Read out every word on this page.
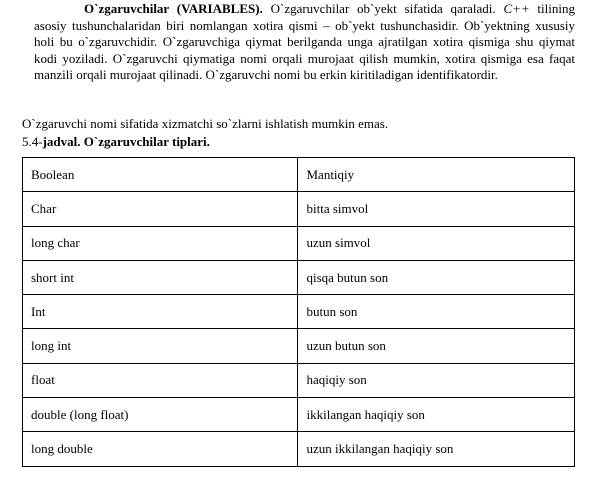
O`zgaruvchilar (VARIABLES). O`zgaruvchilar ob`yekt sifatida qaraladi. C++ tilining asosiy tushunchalaridan biri nomlangan xotira qismi – ob`yekt tushunchasidir. Ob`yektning xususiy holi bu o`zgaruvchidir. O`zgaruvchiga qiymat berilganda unga ajratilgan xotira qismiga shu qiymat kodi yoziladi. O`zgaruvchi qiymatiga nomi orqali murojaat qilish mumkin, xotira qismiga esa faqat manzili orqali murojaat qilinadi. O`zgaruvchi nomi bu erkin kiritiladigan identifikatordir.

O`zgaruvchi nomi sifatida xizmatchi so`zlarni ishlatish mumkin emas.

5.4-jadval. O`zgaruvchilar tiplari.

Boolean	Mantiqiy
Char	bitta simvol
long char	uzun simvol
short int	qisqa butun son
Int	butun son
long int	uzun butun son
float	haqiqiy son
double (long float)	ikkilangan haqiqiy son
long double	uzun ikkilangan haqiqiy son
